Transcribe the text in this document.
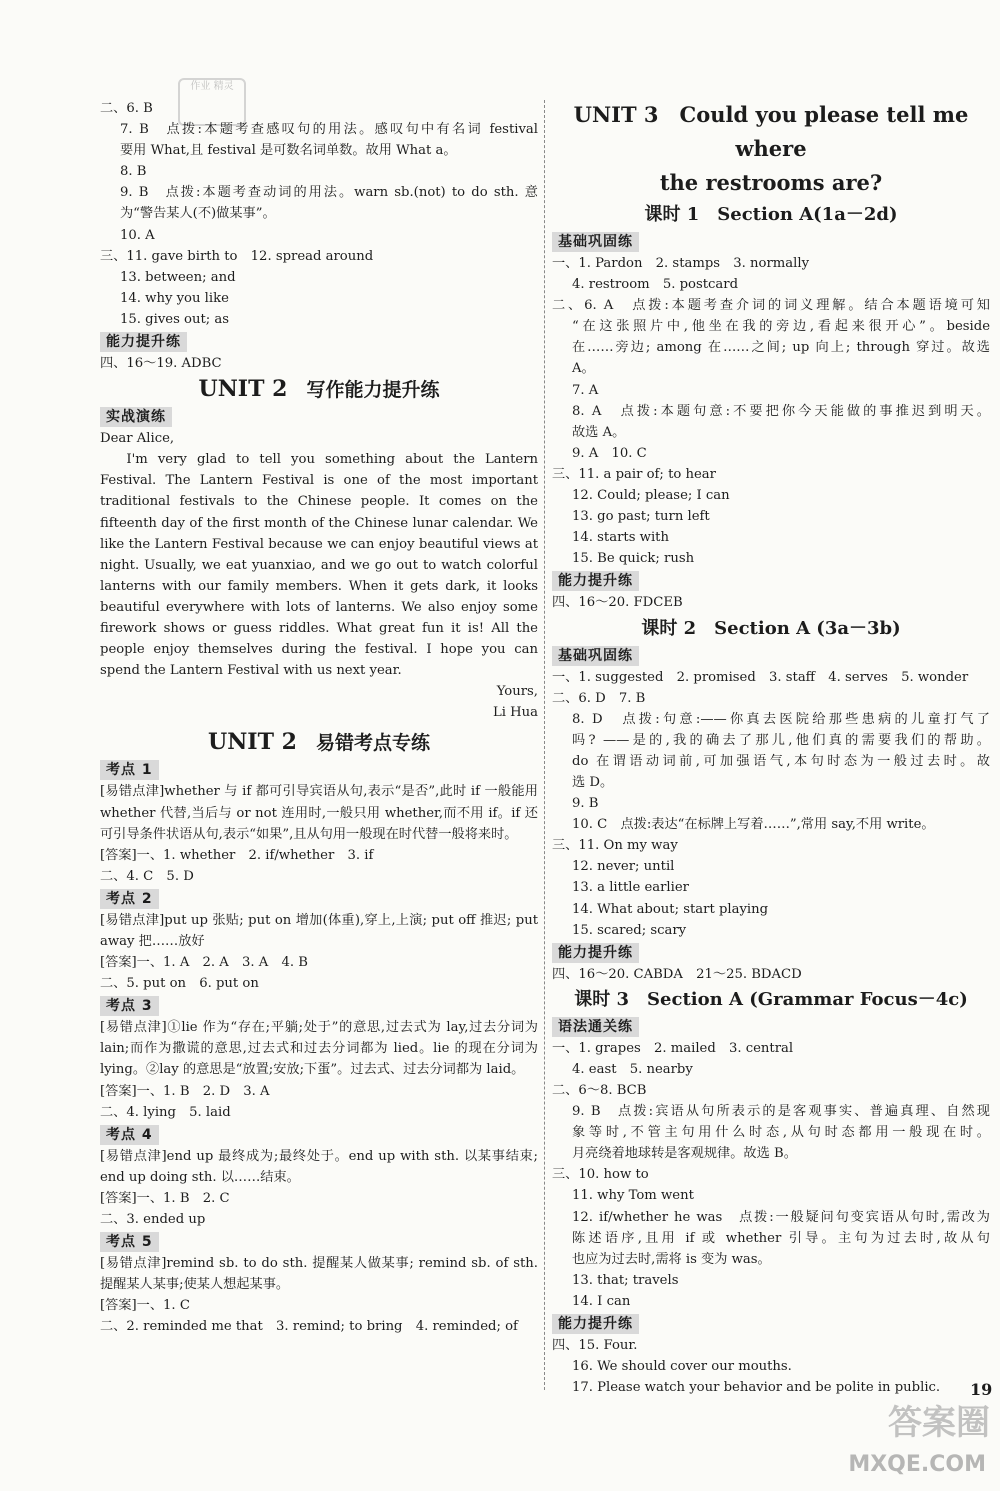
作业 精灵
二、6. B
7. B　点拨:本题考查感叹句的用法。感叹句中有名词 festival
要用 What,且 festival 是可数名词单数。故用 What a。
8. B
9. B　点拨:本题考查动词的用法。warn sb.(not) to do sth. 意
为“警告某人(不)做某事”。
10. A
三、11. gave birth to　12. spread around
13. between; and
14. why you like
15. gives out; as
能力提升练
四、16～19. ADBC
UNIT 2　 写作能力提升练
实战演练
Dear Alice,
I'm very glad to tell you something about the Lantern Festival. The Lantern Festival is one of the most important traditional festivals to the Chinese people. It comes on the fifteenth day of the first month of the Chinese lunar calendar. We like the Lantern Festival because we can enjoy beautiful views at night. Usually, we eat yuanxiao, and we go out to watch colorful lanterns with our family members. When it gets dark, it looks beautiful everywhere with lots of lanterns. We also enjoy some firework shows or guess riddles. What great fun it is! All the people enjoy themselves during the festival. I hope you can spend the Lantern Festival with us next year.
Yours,
Li Hua
UNIT 2　 易错考点专练
考点 1
[易错点津]whether 与 if 都可引导宾语从句,表示“是否”,此时 if 一般能用 whether 代替,当后与 or not 连用时,一般只用 whether,而不用 if。if 还可引导条件状语从句,表示“如果”,且从句用一般现在时代替一般将来时。
[答案]一、1. whether　2. if/whether　3. if
二、4. C　5. D
考点 2
[易错点津]put up 张贴; put on 增加(体重),穿上,上演; put off 推迟; put away 把……放好
[答案]一、1. A　2. A　3. A　4. B
二、5. put on　6. put on
考点 3
[易错点津]①lie 作为“存在;平躺;处于”的意思,过去式为 lay,过去分词为 lain;而作为撒谎的意思,过去式和过去分词都为 lied。lie 的现在分词为 lying。②lay 的意思是“放置;安放;下蛋”。过去式、过去分词都为 laid。
[答案]一、1. B　2. D　3. A
二、4. lying　5. laid
考点 4
[易错点津]end up 最终成为;最终处于。end up with sth. 以某事结束; end up doing sth. 以……结束。
[答案]一、1. B　2. C
二、3. ended up
考点 5
[易错点津]remind sb. to do sth. 提醒某人做某事; remind sb. of sth. 提醒某人某事;使某人想起某事。
[答案]一、1. C
二、2. reminded me that　3. remind; to bring　4. reminded; of
UNIT 3　Could you please tell me where
the restrooms are?
课时 1　Section A(1a－2d)
基础巩固练
一、1. Pardon　2. stamps　3. normally
4. restroom　5. postcard
二、6. A　点拨:本题考查介词的词义理解。结合本题语境可知
“在这张照片中,他坐在我的旁边,看起来很开心”。beside
在……旁边; among 在……之间; up 向上; through 穿过。故选
A。
7. A
8. A　点拨:本题句意:不要把你今天能做的事推迟到明天。
故选 A。
9. A　10. C
三、11. a pair of; to hear
12. Could; please; I can
13. go past; turn left
14. starts with
15. Be quick; rush
能力提升练
四、16～20. FDCEB
课时 2　Section A (3a－3b)
基础巩固练
一、1. suggested　2. promised　3. staff　4. serves　5. wonder
二、6. D　7. B
8. D　点拨:句意:——你真去医院给那些患病的儿童打气了
吗? ——是的,我的确去了那儿,他们真的需要我们的帮助。
do 在谓语动词前,可加强语气,本句时态为一般过去时。故
选 D。
9. B
10. C　点拨:表达“在标牌上写着……”,常用 say,不用 write。
三、11. On my way
12. never; until
13. a little earlier
14. What about; start playing
15. scared; scary
能力提升练
四、16～20. CABDA　21～25. BDACD
课时 3　Section A (Grammar Focus－4c)
语法通关练
一、1. grapes　2. mailed　3. central
4. east　5. nearby
二、6～8. BCB
9. B　点拨:宾语从句所表示的是客观事实、普遍真理、自然现
象等时,不管主句用什么时态,从句时态都用一般现在时。
月亮绕着地球转是客观规律。故选 B。
三、10. how to
11. why Tom went
12. if/whether he was　点拨:一般疑问句变宾语从句时,需改为
陈述语序,且用 if 或 whether 引导。主句为过去时,故从句
也应为过去时,需将 is 变为 was。
13. that; travels
14. I can
能力提升练
四、15. Four.
16. We should cover our mouths.
17. Please watch your behavior and be polite in public.	19
答案圈
MXQE.COM
